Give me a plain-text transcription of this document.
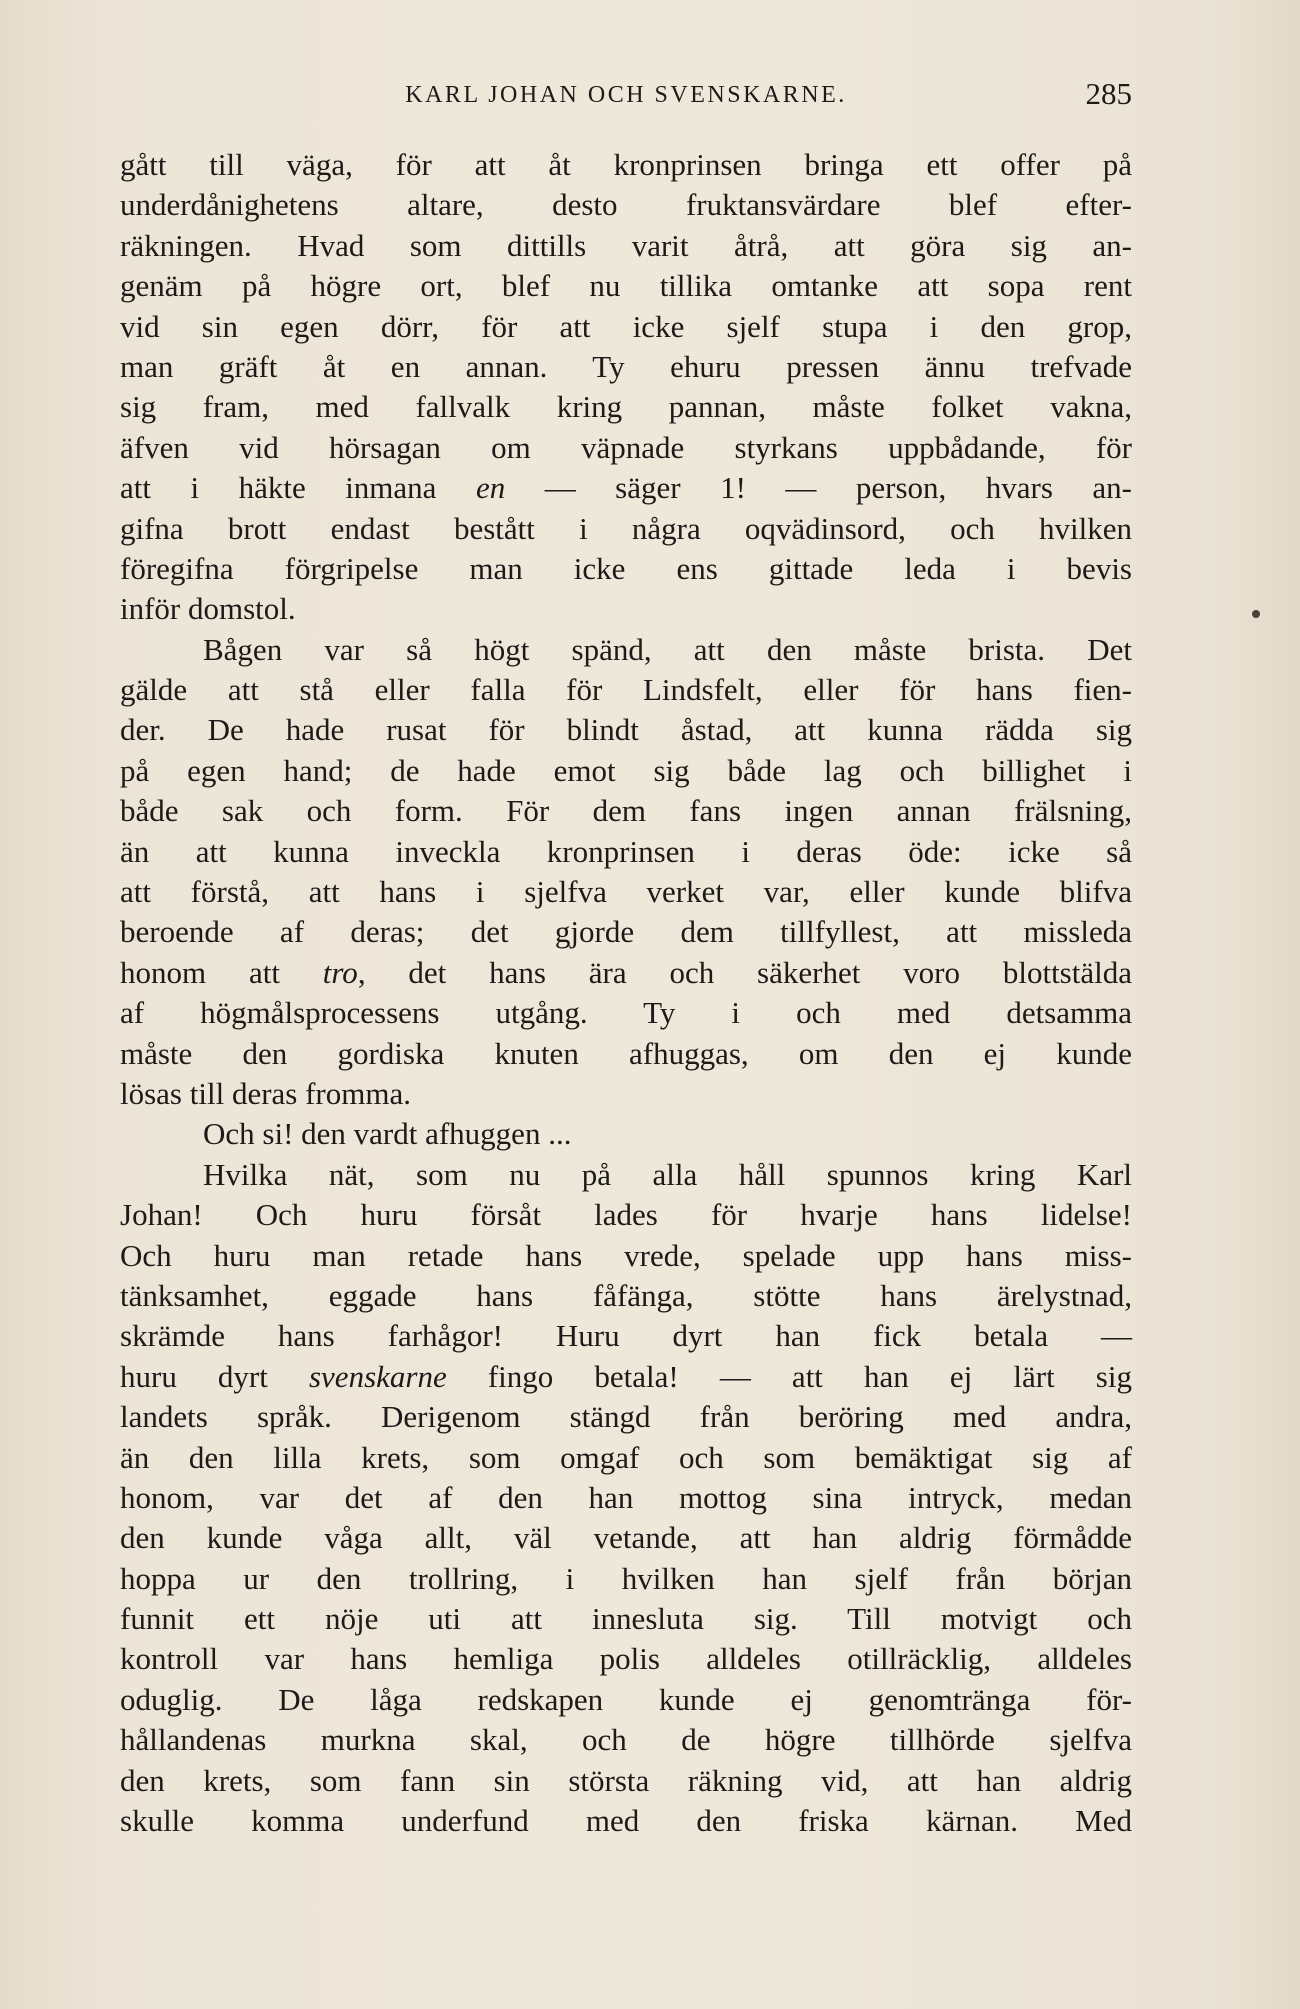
KARL JOHAN OCH SVENSKARNE.	285
gått till väga, för att åt kronprinsen bringa ett offer på
underdånighetens altare, desto fruktansvärdare blef efter-
räkningen. Hvad som dittills varit åtrå, att göra sig an-
genäm på högre ort, blef nu tillika omtanke att sopa rent
vid sin egen dörr, för att icke sjelf stupa i den grop,
man gräft åt en annan. Ty ehuru pressen ännu trefvade
sig fram, med fallvalk kring pannan, måste folket vakna,
äfven vid hörsagan om väpnade styrkans uppbådande, för
att i häkte inmana en — säger 1! — person, hvars an-
gifna brott endast bestått i några oqvädinsord, och hvilken
föregifna förgripelse man icke ens gittade leda i bevis
inför domstol.
Bågen var så högt spänd, att den måste brista. Det
gälde att stå eller falla för Lindsfelt, eller för hans fien-
der. De hade rusat för blindt åstad, att kunna rädda sig
på egen hand; de hade emot sig både lag och billighet i
både sak och form. För dem fans ingen annan frälsning,
än att kunna inveckla kronprinsen i deras öde: icke så
att förstå, att hans i sjelfva verket var, eller kunde blifva
beroende af deras; det gjorde dem tillfyllest, att missleda
honom att tro, det hans ära och säkerhet voro blottstälda
af högmålsprocessens utgång. Ty i och med detsamma
måste den gordiska knuten afhuggas, om den ej kunde
lösas till deras fromma.
Och si! den vardt afhuggen ...
Hvilka nät, som nu på alla håll spunnos kring Karl
Johan! Och huru försåt lades för hvarje hans lidelse!
Och huru man retade hans vrede, spelade upp hans miss-
tänksamhet, eggade hans fåfänga, stötte hans ärelystnad,
skrämde hans farhågor! Huru dyrt han fick betala —
huru dyrt svenskarne fingo betala! — att han ej lärt sig
landets språk. Derigenom stängd från beröring med andra,
än den lilla krets, som omgaf och som bemäktigat sig af
honom, var det af den han mottog sina intryck, medan
den kunde våga allt, väl vetande, att han aldrig förmådde
hoppa ur den trollring, i hvilken han sjelf från början
funnit ett nöje uti att innesluta sig. Till motvigt och
kontroll var hans hemliga polis alldeles otillräcklig, alldeles
oduglig. De låga redskapen kunde ej genomtränga för-
hållandenas murkna skal, och de högre tillhörde sjelfva
den krets, som fann sin största räkning vid, att han aldrig
skulle komma underfund med den friska kärnan. Med
